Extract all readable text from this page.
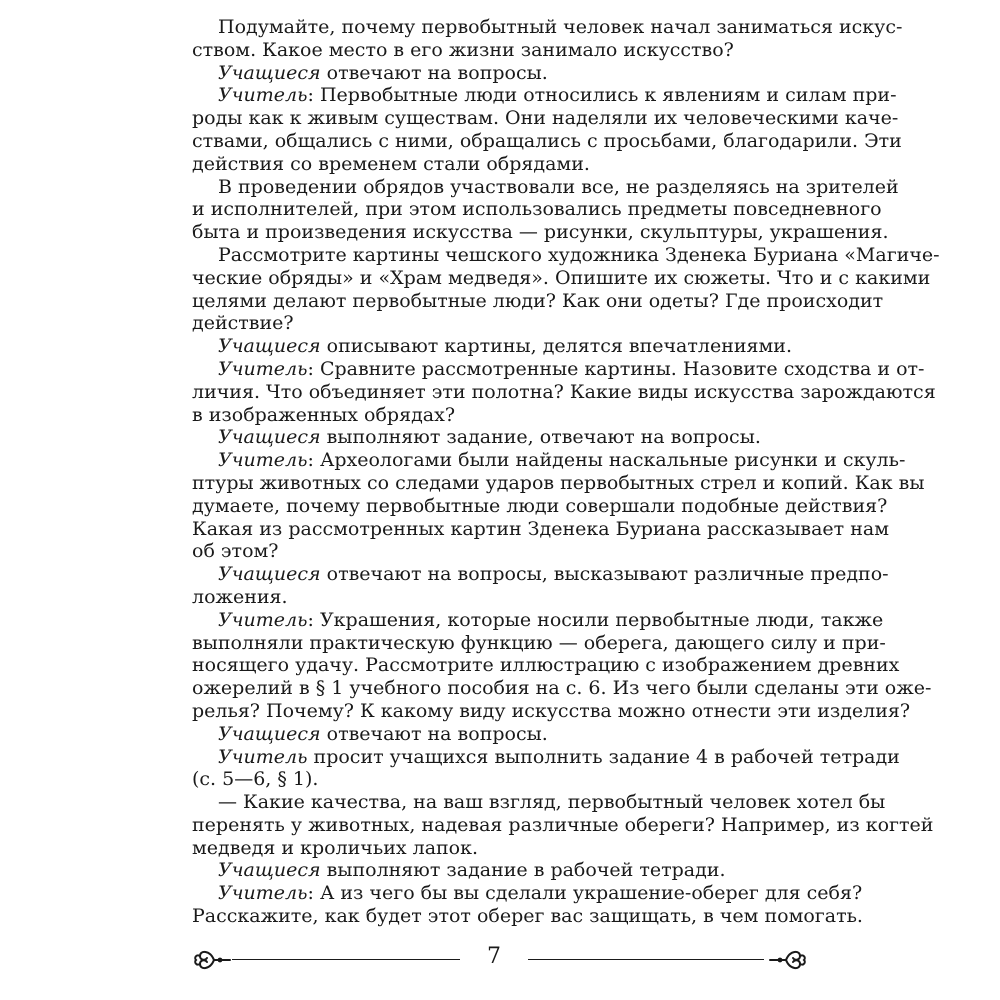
Подумайте, почему первобытный человек начал заниматься искус-
ством. Какое место в его жизни занимало искусство?
Учащиеся отвечают на вопросы.
Учитель: Первобытные люди относились к явлениям и силам при-
роды как к живым существам. Они наделяли их человеческими каче-
ствами, общались с ними, обращались с просьбами, благодарили. Эти
действия со временем стали обрядами.
В проведении обрядов участвовали все, не разделяясь на зрителей
и исполнителей, при этом использовались предметы повседневного
быта и произведения искусства — рисунки, скульптуры, украшения.
Рассмотрите картины чешского художника Зденека Буриана «Магиче-
ческие обряды» и «Храм медведя». Опишите их сюжеты. Что и с какими
целями делают первобытные люди? Как они одеты? Где происходит
действие?
Учащиеся описывают картины, делятся впечатлениями.
Учитель: Сравните рассмотренные картины. Назовите сходства и от-
личия. Что объединяет эти полотна? Какие виды искусства зарождаются
в изображенных обрядах?
Учащиеся выполняют задание, отвечают на вопросы.
Учитель: Археологами были найдены наскальные рисунки и скуль-
птуры животных со следами ударов первобытных стрел и копий. Как вы
думаете, почему первобытные люди совершали подобные действия?
Какая из рассмотренных картин Зденека Буриана рассказывает нам
об этом?
Учащиеся отвечают на вопросы, высказывают различные предпо-
ложения.
Учитель: Украшения, которые носили первобытные люди, также
выполняли практическую функцию — оберега, дающего силу и при-
носящего удачу. Рассмотрите иллюстрацию с изображением древних
ожерелий в § 1 учебного пособия на с. 6. Из чего были сделаны эти оже-
релья? Почему? К какому виду искусства можно отнести эти изделия?
Учащиеся отвечают на вопросы.
Учитель просит учащихся выполнить задание 4 в рабочей тетради
(с. 5—6, § 1).
— Какие качества, на ваш взгляд, первобытный человек хотел бы
перенять у животных, надевая различные обереги? Например, из когтей
медведя и кроличьих лапок.
Учащиеся выполняют задание в рабочей тетради.
Учитель: А из чего бы вы сделали украшение-оберег для себя?
Расскажите, как будет этот оберег вас защищать, в чем помогать.
7
